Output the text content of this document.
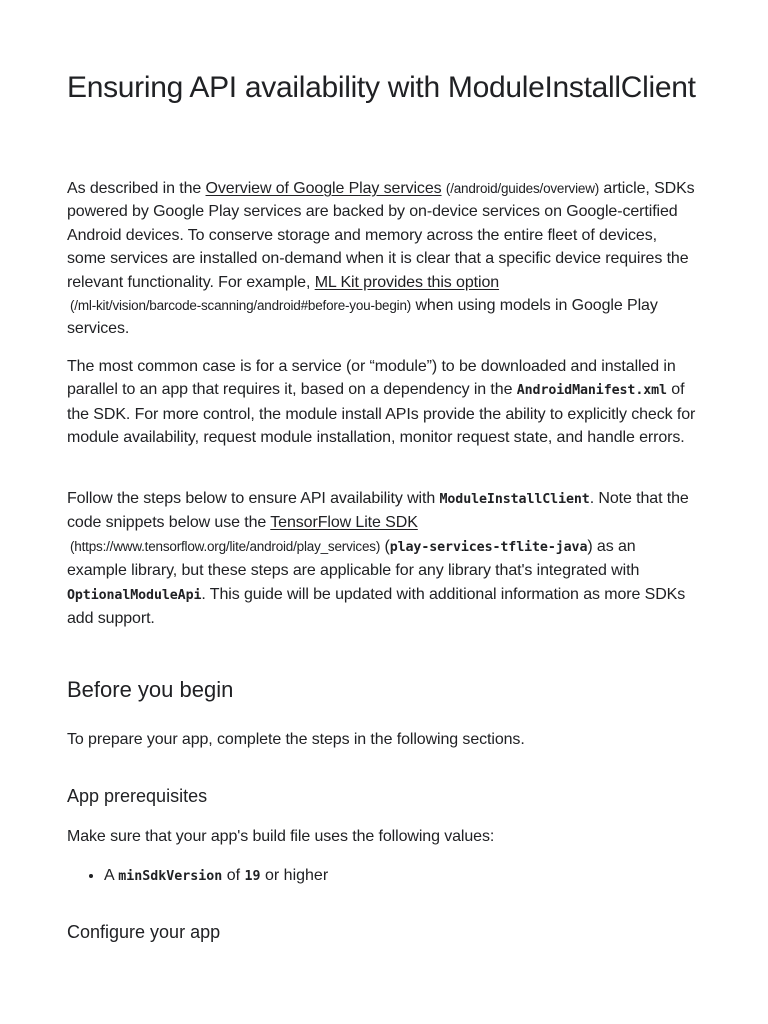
Ensuring API availability with ModuleInstallClient

As described in the Overview of Google Play services (/android/guides/overview) article, SDKs powered by Google Play services are backed by on-device services on Google-certified Android devices. To conserve storage and memory across the entire fleet of devices, some services are installed on-demand when it is clear that a specific device requires the relevant functionality. For example, ML Kit provides this option
(/ml-kit/vision/barcode-scanning/android#before-you-begin) when using models in Google Play services.

The most common case is for a service (or “module”) to be downloaded and installed in parallel to an app that requires it, based on a dependency in the AndroidManifest.xml of the SDK. For more control, the module install APIs provide the ability to explicitly check for module availability, request module installation, monitor request state, and handle errors.

Follow the steps below to ensure API availability with ModuleInstallClient. Note that the code snippets below use the TensorFlow Lite SDK
(https://www.tensorflow.org/lite/android/play_services) (play-services-tflite-java) as an example library, but these steps are applicable for any library that's integrated with OptionalModuleApi. This guide will be updated with additional information as more SDKs add support.

Before you begin

To prepare your app, complete the steps in the following sections.

App prerequisites

Make sure that your app's build file uses the following values:

• A minSdkVersion of 19 or higher
Configure your app
